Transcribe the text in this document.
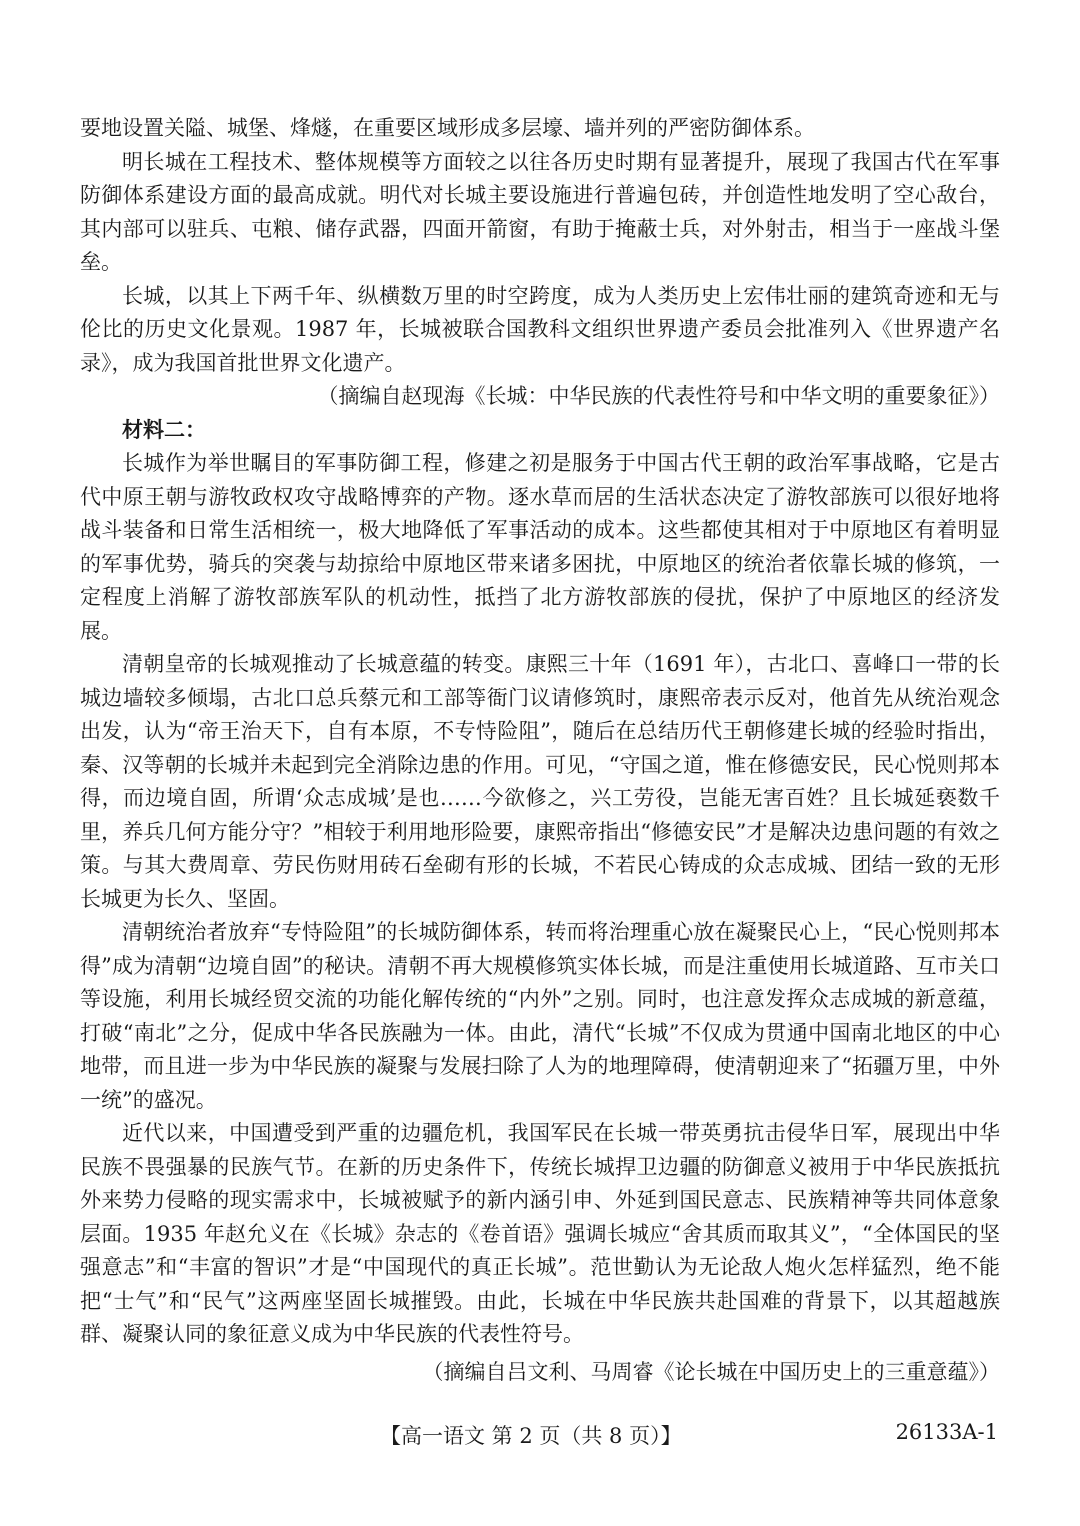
要地设置关隘、城堡、烽燧，在重要区域形成多层壕、墙并列的严密防御体系。

明长城在工程技术、整体规模等方面较之以往各历史时期有显著提升，展现了我国古代在军事防御体系建设方面的最高成就。明代对长城主要设施进行普遍包砖，并创造性地发明了空心敌台，其内部可以驻兵、屯粮、储存武器，四面开箭窗，有助于掩蔽士兵，对外射击，相当于一座战斗堡垒。

长城，以其上下两千年、纵横数万里的时空跨度，成为人类历史上宏伟壮丽的建筑奇迹和无与伦比的历史文化景观。1987 年，长城被联合国教科文组织世界遗产委员会批准列入《世界遗产名录》，成为我国首批世界文化遗产。

（摘编自赵现海《长城：中华民族的代表性符号和中华文明的重要象征》）

材料二：

长城作为举世瞩目的军事防御工程，修建之初是服务于中国古代王朝的政治军事战略，它是古代中原王朝与游牧政权攻守战略博弈的产物。逐水草而居的生活状态决定了游牧部族可以很好地将战斗装备和日常生活相统一，极大地降低了军事活动的成本。这些都使其相对于中原地区有着明显的军事优势，骑兵的突袭与劫掠给中原地区带来诸多困扰，中原地区的统治者依靠长城的修筑，一定程度上消解了游牧部族军队的机动性，抵挡了北方游牧部族的侵扰，保护了中原地区的经济发展。

清朝皇帝的长城观推动了长城意蕴的转变。康熙三十年（1691 年），古北口、喜峰口一带的长城边墙较多倾塌，古北口总兵蔡元和工部等衙门议请修筑时，康熙帝表示反对，他首先从统治观念出发，认为“帝王治天下，自有本原，不专恃险阻”，随后在总结历代王朝修建长城的经验时指出，秦、汉等朝的长城并未起到完全消除边患的作用。可见，“守国之道，惟在修德安民，民心悦则邦本得，而边境自固，所谓‘众志成城’是也……今欲修之，兴工劳役，岂能无害百姓？且长城延亵数千里，养兵几何方能分守？”相较于利用地形险要，康熙帝指出“修德安民”才是解决边患问题的有效之策。与其大费周章、劳民伤财用砖石垒砌有形的长城，不若民心铸成的众志成城、团结一致的无形长城更为长久、坚固。

清朝统治者放弃“专恃险阻”的长城防御体系，转而将治理重心放在凝聚民心上，“民心悦则邦本得”成为清朝“边境自固”的秘诀。清朝不再大规模修筑实体长城，而是注重使用长城道路、互市关口等设施，利用长城经贸交流的功能化解传统的“内外”之别。同时，也注意发挥众志成城的新意蕴，打破“南北”之分，促成中华各民族融为一体。由此，清代“长城”不仅成为贯通中国南北地区的中心地带，而且进一步为中华民族的凝聚与发展扫除了人为的地理障碍，使清朝迎来了“拓疆万里，中外一统”的盛况。

近代以来，中国遭受到严重的边疆危机，我国军民在长城一带英勇抗击侵华日军，展现出中华民族不畏强暴的民族气节。在新的历史条件下，传统长城捍卫边疆的防御意义被用于中华民族抵抗外来势力侵略的现实需求中，长城被赋予的新内涵引申、外延到国民意志、民族精神等共同体意象层面。1935 年赵允义在《长城》杂志的《卷首语》强调长城应“舍其质而取其义”，“全体国民的坚强意志”和“丰富的智识”才是“中国现代的真正长城”。范世勤认为无论敌人炮火怎样猛烈，绝不能把“士气”和“民气”这两座坚固长城摧毁。由此，长城在中华民族共赴国难的背景下，以其超越族群、凝聚认同的象征意义成为中华民族的代表性符号。

（摘编自吕文利、马周睿《论长城在中国历史上的三重意蕴》）

【高一语文 第 2 页（共 8 页）】	26133A-1
